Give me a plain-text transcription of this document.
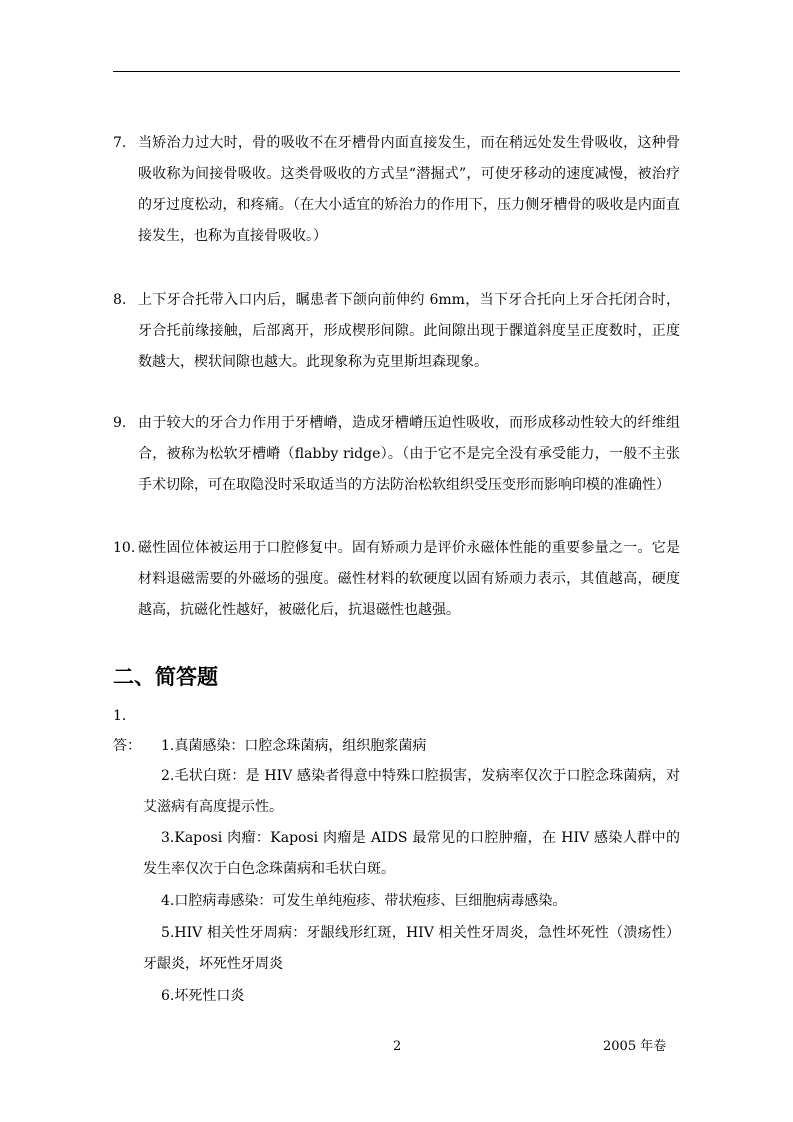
7. 当矫治力过大时，骨的吸收不在牙槽骨内面直接发生，而在稍远处发生骨吸收，这种骨吸收称为间接骨吸收。这类骨吸收的方式呈“潜掘式”，可使牙移动的速度减慢，被治疗的牙过度松动，和疼痛。（在大小适宜的矫治力的作用下，压力侧牙槽骨的吸收是内面直接发生，也称为直接骨吸收。）
8. 上下牙合托带入口内后，瞩患者下颌向前伸约 6mm，当下牙合托向上牙合托闭合时，牙合托前缘接触，后部离开，形成楔形间隙。此间隙出现于髁道斜度呈正度数时，正度数越大，楔状间隙也越大。此现象称为克里斯坦森现象。
9. 由于较大的牙合力作用于牙槽嵴，造成牙槽嵴压迫性吸收，而形成移动性较大的纤维组合，被称为松软牙槽嵴（flabby ridge）。（由于它不是完全没有承受能力，一般不主张手术切除，可在取隐没时采取适当的方法防治松软组织受压变形而影响印模的准确性）
10. 磁性固位体被运用于口腔修复中。固有矫顽力是评价永磁体性能的重要参量之一。它是材料退磁需要的外磁场的强度。磁性材料的软硬度以固有矫顽力表示，其值越高，硬度越高，抗磁化性越好，被磁化后，抗退磁性也越强。
二、简答题
1.
答： 1.真菌感染：口腔念珠菌病，组织胞浆菌病
2.毛状白斑：是 HIV 感染者得意中特殊口腔损害，发病率仅次于口腔念珠菌病，对艾滋病有高度提示性。
3.Kaposi 肉瘤：Kaposi 肉瘤是 AIDS 最常见的口腔肿瘤，在 HIV 感染人群中的发生率仅次于白色念珠菌病和毛状白斑。
4.口腔病毒感染：可发生单纯疱疹、带状疱疹、巨细胞病毒感染。
5.HIV 相关性牙周病：牙龈线形红斑，HIV 相关性牙周炎，急性坏死性（溃疡性）牙龈炎，坏死性牙周炎
6.坏死性口炎
2	2005 年卷
